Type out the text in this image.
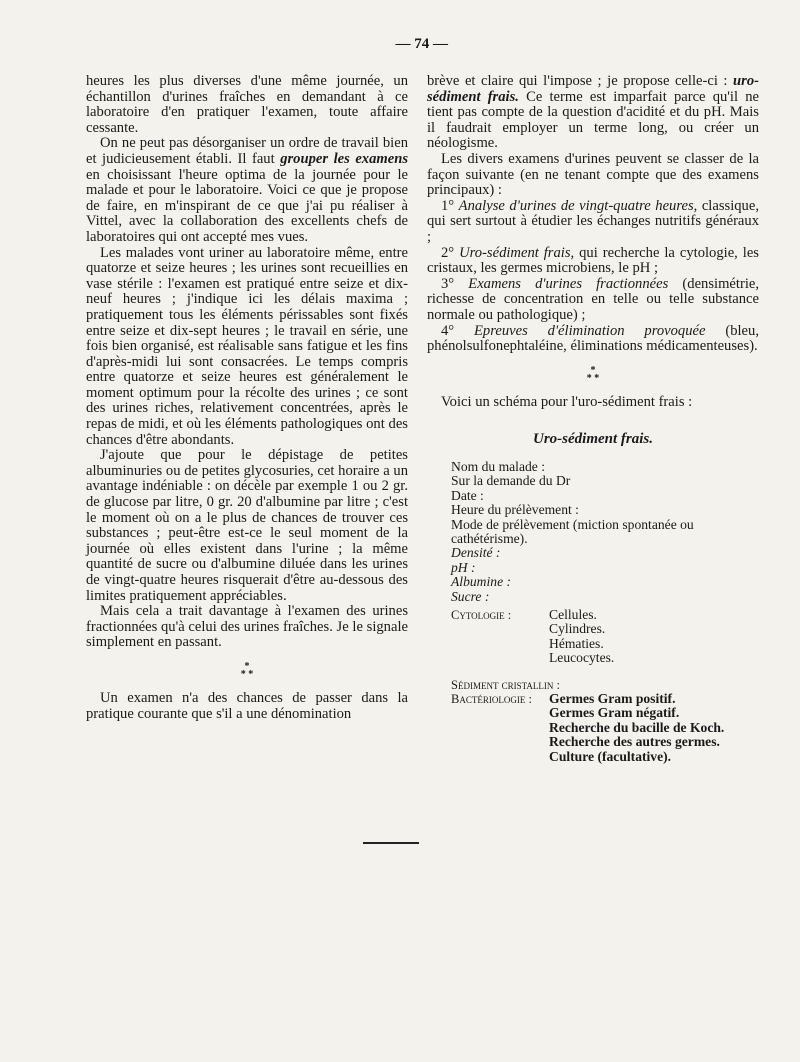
— 74 —

heures les plus diverses d'une même journée, un échantillon d'urines fraîches en demandant à ce laboratoire d'en pratiquer l'examen, toute affaire cessante.

On ne peut pas désorganiser un ordre de travail bien et judicieusement établi. Il faut grouper les examens en choisissant l'heure optima de la journée pour le malade et pour le laboratoire. Voici ce que je propose de faire, en m'inspirant de ce que j'ai pu réaliser à Vittel, avec la collaboration des excellents chefs de laboratoires qui ont accepté mes vues.

Les malades vont uriner au laboratoire même, entre quatorze et seize heures ; les urines sont recueillies en vase stérile : l'examen est pratiqué entre seize et dix-neuf heures ; j'indique ici les délais maxima ; pratiquement tous les éléments périssables sont fixés entre seize et dix-sept heures ; le travail en série, une fois bien organisé, est réalisable sans fatigue et les fins d'après-midi lui sont consacrées. Le temps compris entre quatorze et seize heures est généralement le moment optimum pour la récolte des urines ; ce sont des urines riches, relativement concentrées, après le repas de midi, et où les éléments pathologiques ont des chances d'être abondants.

J'ajoute que pour le dépistage de petites albuminuries ou de petites glycosuries, cet horaire a un avantage indéniable : on décèle par exemple 1 ou 2 gr. de glucose par litre, 0 gr. 20 d'albumine par litre ; c'est le moment où on a le plus de chances de trouver ces substances ; peut-être est-ce le seul moment de la journée où elles existent dans l'urine ; la même quantité de sucre ou d'albumine diluée dans les urines de vingt-quatre heures risquerait d'être au-dessous des limites pratiquement appréciables.

Mais cela a trait davantage à l'examen des urines fractionnées qu'à celui des urines fraîches. Je le signale simplement en passant.

*
* *

Un examen n'a des chances de passer dans la pratique courante que s'il a une dénomination

brève et claire qui l'impose ; je propose celle-ci : uro-sédiment frais. Ce terme est imparfait parce qu'il ne tient pas compte de la question d'acidité et du pH. Mais il faudrait employer un terme long, ou créer un néologisme.

Les divers examens d'urines peuvent se classer de la façon suivante (en ne tenant compte que des examens principaux) :

1° Analyse d'urines de vingt-quatre heures, classique, qui sert surtout à étudier les échanges nutritifs généraux ;

2° Uro-sédiment frais, qui recherche la cytologie, les cristaux, les germes microbiens, le pH ;

3° Examens d'urines fractionnées (densimétrie, richesse de concentration en telle ou telle substance normale ou pathologique) ;

4° Epreuves d'élimination provoquée (bleu, phénolsulfonephtaléine, éliminations médicamenteuses).

*
* *

Voici un schéma pour l'uro-sédiment frais :

Uro-sédiment frais.
Nom du malade :
Sur la demande du Dr
Date :
Heure du prélèvement :
Mode de prélèvement (miction spontanée ou cathétérisme).
Densité :
pH :
Albumine :
Sucre :
Cytologie :	Cellules.
Cylindres.
Hématies.
Leucocytes.
Sédiment cristallin :
Bactériologie :	Germes Gram positif.
Germes Gram négatif.
Recherche du bacille de Koch.
Recherche des autres germes.
Culture (facultative).
